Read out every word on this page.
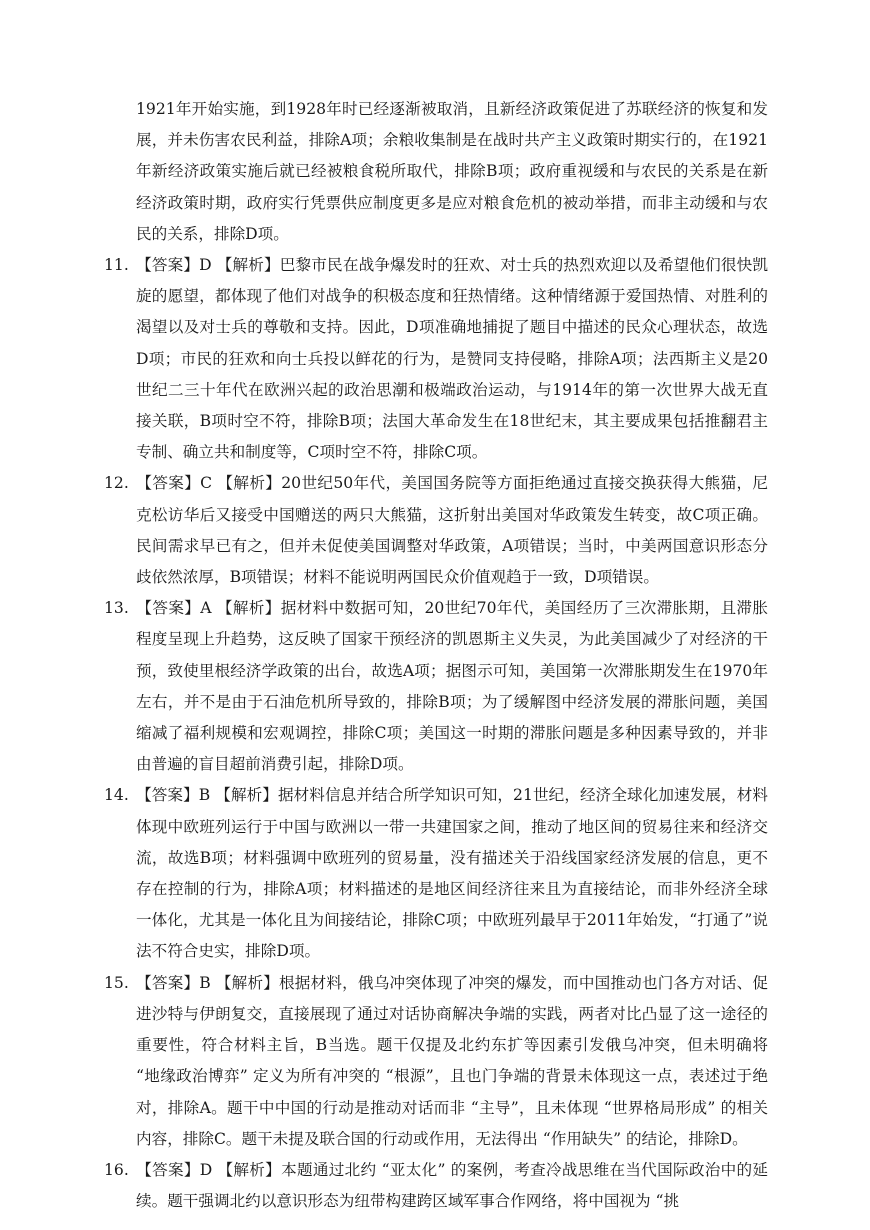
1921年开始实施，到1928年时已经逐渐被取消，且新经济政策促进了苏联经济的恢复和发展，并未伤害农民利益，排除A项；余粮收集制是在战时共产主义政策时期实行的，在1921年新经济政策实施后就已经被粮食税所取代，排除B项；政府重视缓和与农民的关系是在新经济政策时期，政府实行凭票供应制度更多是应对粮食危机的被动举措，而非主动缓和与农民的关系，排除D项。

11. 【答案】D 【解析】巴黎市民在战争爆发时的狂欢、对士兵的热烈欢迎以及希望他们很快凯旋的愿望，都体现了他们对战争的积极态度和狂热情绪。这种情绪源于爱国热情、对胜利的渴望以及对士兵的尊敬和支持。因此，D项准确地捕捉了题目中描述的民众心理状态，故选D项；市民的狂欢和向士兵投以鲜花的行为，是赞同支持侵略，排除A项；法西斯主义是20世纪二三十年代在欧洲兴起的政治思潮和极端政治运动，与1914年的第一次世界大战无直接关联，B项时空不符，排除B项；法国大革命发生在18世纪末，其主要成果包括推翻君主专制、确立共和制度等，C项时空不符，排除C项。

12. 【答案】C 【解析】20世纪50年代，美国国务院等方面拒绝通过直接交换获得大熊猫，尼克松访华后又接受中国赠送的两只大熊猫，这折射出美国对华政策发生转变，故C项正确。民间需求早已有之，但并未促使美国调整对华政策，A项错误；当时，中美两国意识形态分歧依然浓厚，B项错误；材料不能说明两国民众价值观趋于一致，D项错误。

13. 【答案】A 【解析】据材料中数据可知，20世纪70年代，美国经历了三次滞胀期，且滞胀程度呈现上升趋势，这反映了国家干预经济的凯恩斯主义失灵，为此美国减少了对经济的干预，致使里根经济学政策的出台，故选A项；据图示可知，美国第一次滞胀期发生在1970年左右，并不是由于石油危机所导致的，排除B项；为了缓解图中经济发展的滞胀问题，美国缩减了福利规模和宏观调控，排除C项；美国这一时期的滞胀问题是多种因素导致的，并非由普遍的盲目超前消费引起，排除D项。

14. 【答案】B 【解析】据材料信息并结合所学知识可知，21世纪，经济全球化加速发展，材料体现中欧班列运行于中国与欧洲以一带一共建国家之间，推动了地区间的贸易往来和经济交流，故选B项；材料强调中欧班列的贸易量，没有描述关于沿线国家经济发展的信息，更不存在控制的行为，排除A项；材料描述的是地区间经济往来且为直接结论，而非外经济全球一体化，尤其是一体化且为间接结论，排除C项；中欧班列最早于2011年始发，“打通了”说法不符合史实，排除D项。

15. 【答案】B 【解析】根据材料，俄乌冲突体现了冲突的爆发，而中国推动也门各方对话、促进沙特与伊朗复交，直接展现了通过对话协商解决争端的实践，两者对比凸显了这一途径的重要性，符合材料主旨，B当选。题干仅提及北约东扩等因素引发俄乌冲突，但未明确将 “地缘政治博弈” 定义为所有冲突的 “根源”，且也门争端的背景未体现这一点，表述过于绝对，排除A。题干中中国的行动是推动对话而非 “主导”，且未体现 “世界格局形成” 的相关内容，排除C。题干未提及联合国的行动或作用，无法得出 “作用缺失” 的结论，排除D。

16. 【答案】D 【解析】本题通过北约 “亚太化” 的案例，考查冷战思维在当代国际政治中的延续。题干强调北约以意识形态为纽带构建跨区域军事合作网络，将中国视为 “挑
